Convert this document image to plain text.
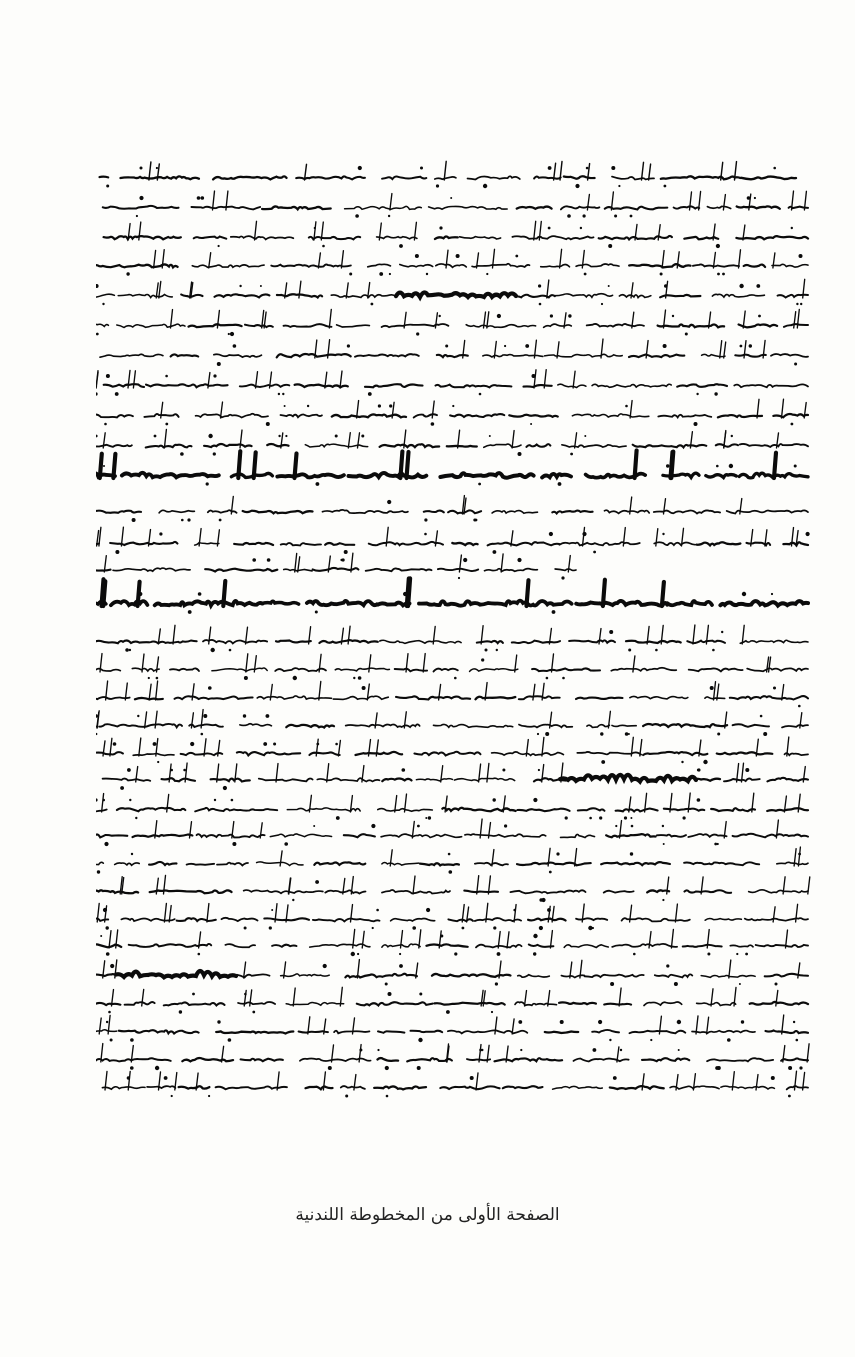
الصفحة الأولى من المخطوطة اللندنية
